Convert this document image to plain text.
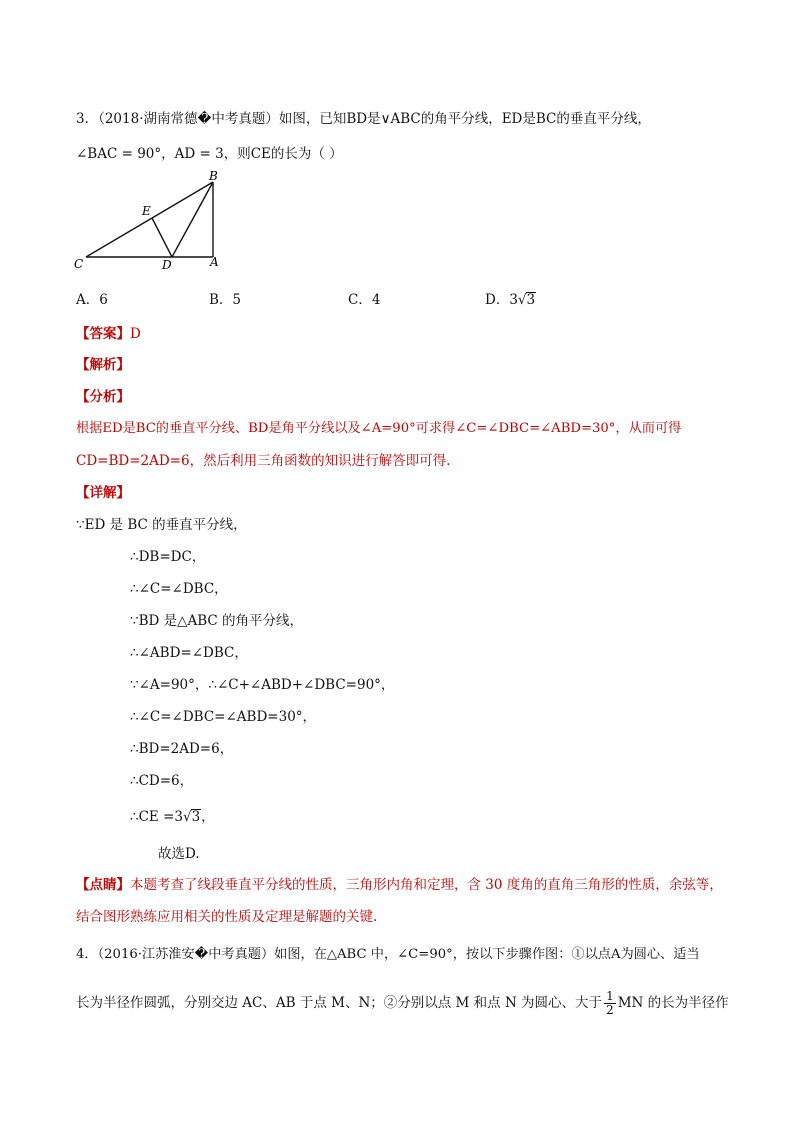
3．（2018·湖南常德�中考真题）如图，已知BD是∨ABC的角平分线，ED是BC的垂直平分线，
∠BAC = 90°，AD = 3，则CE的长为（ ）
B
E
C	D	A
A．6	B．5	C．4	D．3√3
【答案】D
【解析】
【分析】
根据ED是BC的垂直平分线、BD是角平分线以及∠A=90°可求得∠C=∠DBC=∠ABD=30°，从而可得
CD=BD=2AD=6，然后利用三角函数的知识进行解答即可得.
【详解】
∵ED 是 BC 的垂直平分线，
∴DB=DC，
∴∠C=∠DBC，
∵BD 是△ABC 的角平分线，
∴∠ABD=∠DBC，
∵∠A=90°，∴∠C+∠ABD+∠DBC=90°，
∴∠C=∠DBC=∠ABD=30°，
∴BD=2AD=6，
∴CD=6，
∴CE =3√3，
故选D.
【点睛】本题考查了线段垂直平分线的性质，三角形内角和定理，含 30 度角的直角三角形的性质，余弦等，
结合图形熟练应用相关的性质及定理是解题的关键.
4．（2016·江苏淮安�中考真题）如图，在△ABC 中，∠C=90°，按以下步骤作图：①以点A为圆心、适当
长为半径作圆弧，分别交边 AC、AB 于点 M、N；②分别以点 M 和点 N 为圆心、大于 $\frac{1}{2}$ MN 的长为半径作
